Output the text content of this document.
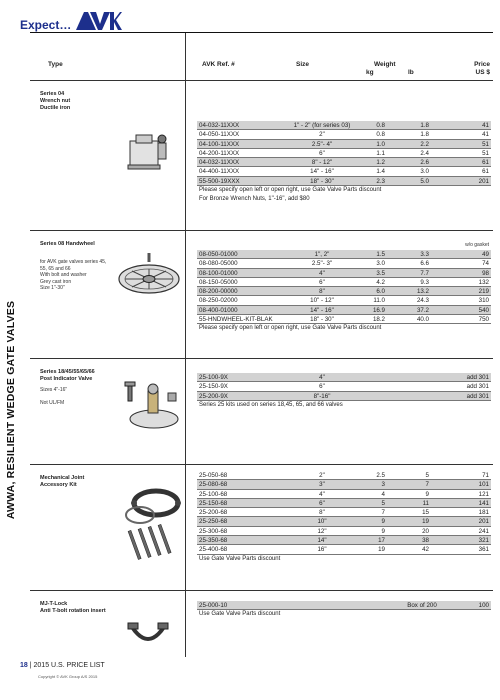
Expect…
AVK
AWWA, RESILIENT WEDGE GATE VALVES
Type	AVK Ref. #	Size	Weight
kg	lb
Price
US $
Series 04
Wrench nut
Ductile iron
04-032-11XXX	1" - 2" (for series 03)	0.8	1.8	41
04-050-11XXX	2"	0.8	1.8	41
04-100-11XXX	2.5"- 4"	1.0	2.2	51
04-200-11XXX	6"	1.1	2.4	51
04-032-11XXX	8" - 12"	1.2	2.6	61
04-400-11XXX	14" - 16"	1.4	3.0	61
55-500-19XXX	18" - 30"	2.3	5.0	201
Please specify open left or open right, use Gate Valve Parts discount
For Bronze Wrench Nuts, 1"-16", add $80
Series 08 Handwheel
for AVK gate valves series 45,
55, 65 and 66
With bolt and washer
Grey cast iron
Size 1"-30"
w/o gasket
08-050-01000	1", 2"	1.5	3.3	49
08-080-05000	2.5"- 3"	3.0	6.6	74
08-100-01000	4"	3.5	7.7	98
08-150-05000	6"	4.2	9.3	132
08-200-00000	8"	6.0	13.2	219
08-250-02000	10" - 12"	11.0	24.3	310
08-400-01000	14" - 16"	16.9	37.2	540
55-HNDWHEEL-KIT-BLAK	18" - 30"	18.2	40.0	750
Please specify open left or open right, use Gate Valve Parts discount
Series 18/45/55/65/66
Post Indicator Valve
Sizes 4"-16"

Not UL/FM
25-100-9X	4"	add 301
25-150-9X	6"	add 301
25-200-9X	8"-16"	add 301
Series 25 kits used on series 18,45, 65, and 66 valves
Mechanical Joint
Accessory Kit
25-050-68	2"	2.5	5	71
25-080-68	3"	3	7	101
25-100-68	4"	4	9	121
25-150-68	6"	5	11	141
25-200-68	8"	7	15	181
25-250-68	10"	9	19	201
25-300-68	12"	9	20	241
25-350-68	14"	17	38	321
25-400-68	16"	19	42	361
Use Gate Valve Parts discount
MJ-T-Lock
Anti T-bolt rotation insert
25-000-10	Box of 200	100
Use Gate Valve Parts discount
18 | 2015 U.S. PRICE LIST
Copyright © AVK Group A/S 2015
